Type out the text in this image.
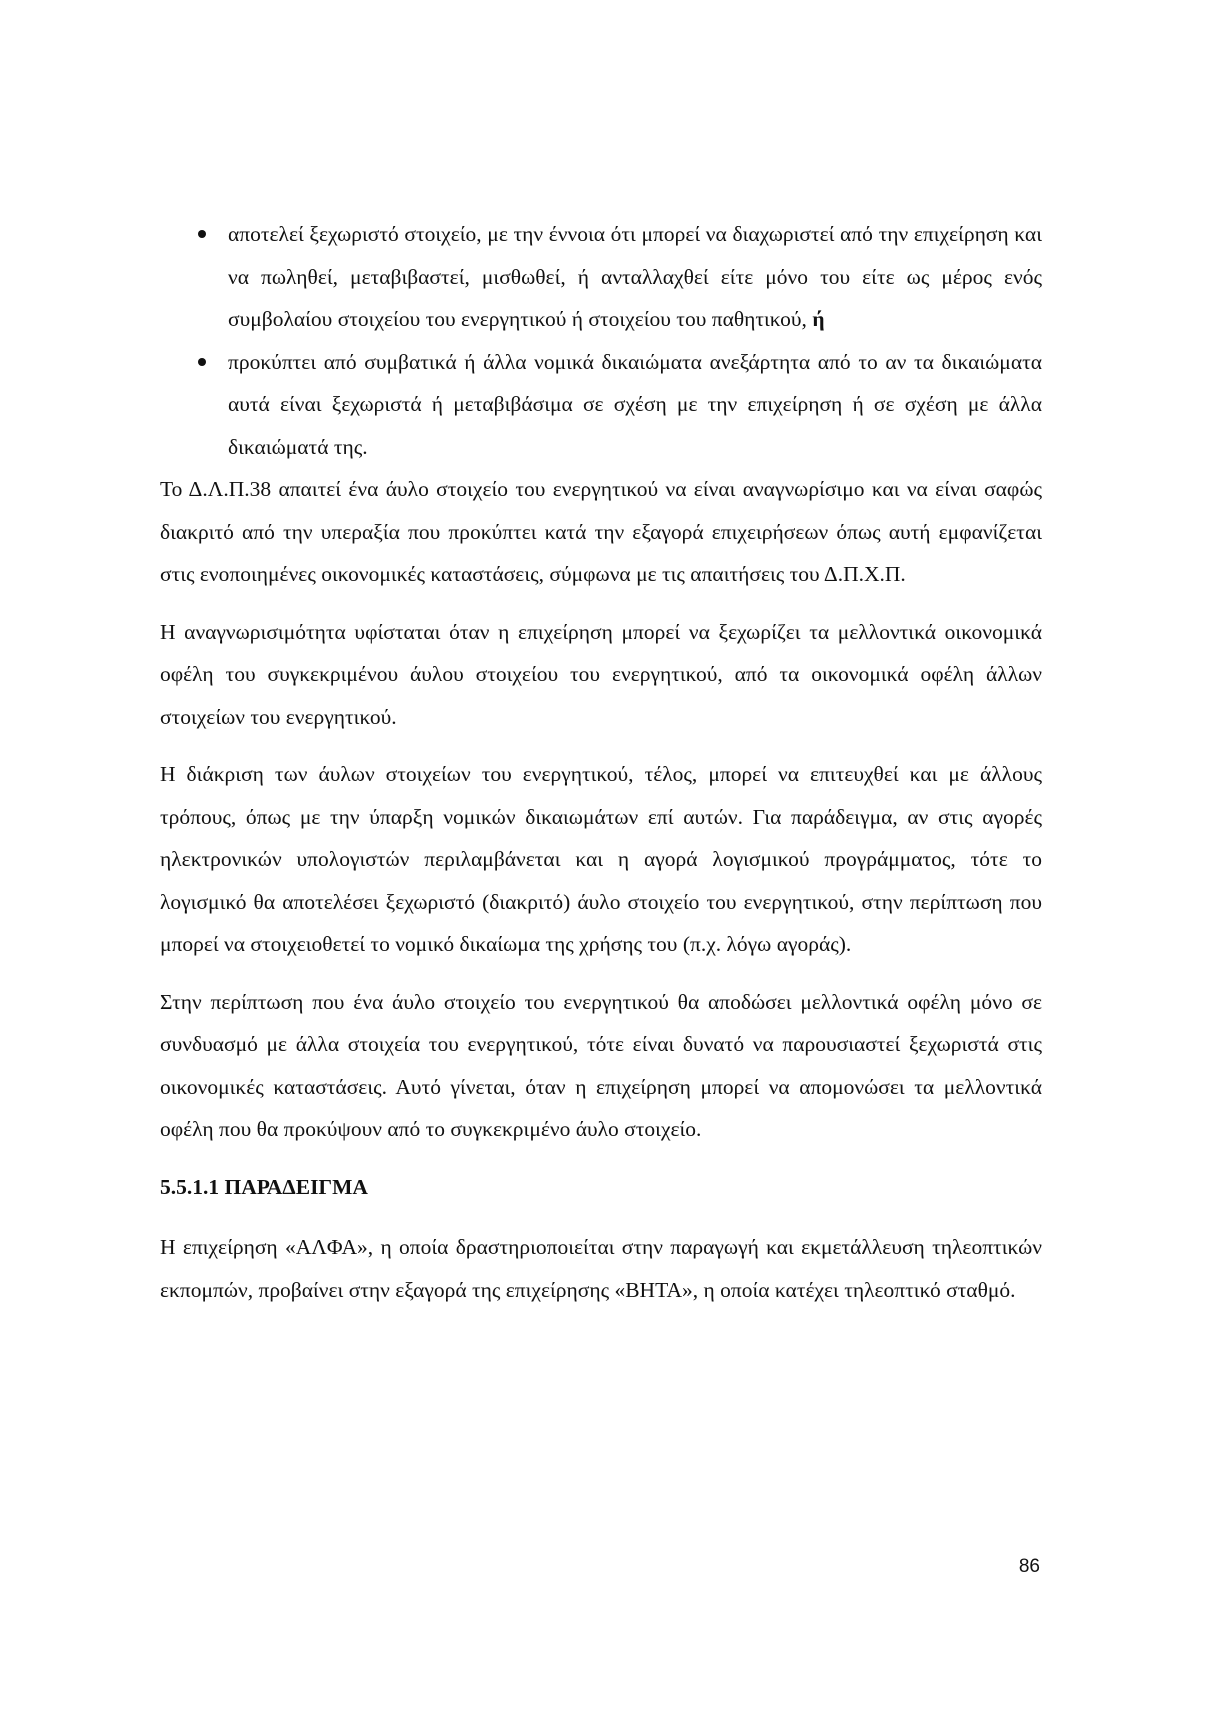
αποτελεί ξεχωριστό στοιχείο, με την έννοια ότι μπορεί να διαχωριστεί από την επιχείρηση και να πωληθεί, μεταβιβαστεί, μισθωθεί, ή ανταλλαχθεί είτε μόνο του είτε ως μέρος ενός συμβολαίου στοιχείου του ενεργητικού ή στοιχείου του παθητικού, ή
προκύπτει από συμβατικά ή άλλα νομικά δικαιώματα ανεξάρτητα από το αν τα δικαιώματα αυτά είναι ξεχωριστά ή μεταβιβάσιμα σε σχέση με την επιχείρηση ή σε σχέση με άλλα δικαιώματά της.

Το Δ.Λ.Π.38 απαιτεί ένα άυλο στοιχείο του ενεργητικού να είναι αναγνωρίσιμο και να είναι σαφώς διακριτό από την υπεραξία που προκύπτει κατά την εξαγορά επιχειρήσεων όπως αυτή εμφανίζεται στις ενοποιημένες οικονομικές καταστάσεις, σύμφωνα με τις απαιτήσεις του Δ.Π.Χ.Π.

Η αναγνωρισιμότητα υφίσταται όταν η επιχείρηση μπορεί να ξεχωρίζει τα μελλοντικά οικονομικά οφέλη του συγκεκριμένου άυλου στοιχείου του ενεργητικού, από τα οικονομικά οφέλη άλλων στοιχείων του ενεργητικού.

Η διάκριση των άυλων στοιχείων του ενεργητικού, τέλος, μπορεί να επιτευχθεί και με άλλους τρόπους, όπως με την ύπαρξη νομικών δικαιωμάτων επί αυτών. Για παράδειγμα, αν στις αγορές ηλεκτρονικών υπολογιστών περιλαμβάνεται και η αγορά λογισμικού προγράμματος, τότε το λογισμικό θα αποτελέσει ξεχωριστό (διακριτό) άυλο στοιχείο του ενεργητικού, στην περίπτωση που μπορεί να στοιχειοθετεί το νομικό δικαίωμα της χρήσης του (π.χ. λόγω αγοράς).

Στην περίπτωση που ένα άυλο στοιχείο του ενεργητικού θα αποδώσει μελλοντικά οφέλη μόνο σε συνδυασμό με άλλα στοιχεία του ενεργητικού, τότε είναι δυνατό να παρουσιαστεί ξεχωριστά στις οικονομικές καταστάσεις. Αυτό γίνεται, όταν η επιχείρηση μπορεί να απομονώσει τα μελλοντικά οφέλη που θα προκύψουν από το συγκεκριμένο άυλο στοιχείο.

5.5.1.1 ΠΑΡΑΔΕΙΓΜΑ

Η επιχείρηση «ΑΛΦΑ», η οποία δραστηριοποιείται στην παραγωγή και εκμετάλλευση τηλεοπτικών εκπομπών, προβαίνει στην εξαγορά της επιχείρησης «ΒΗΤΑ», η οποία κατέχει τηλεοπτικό σταθμό.

86
